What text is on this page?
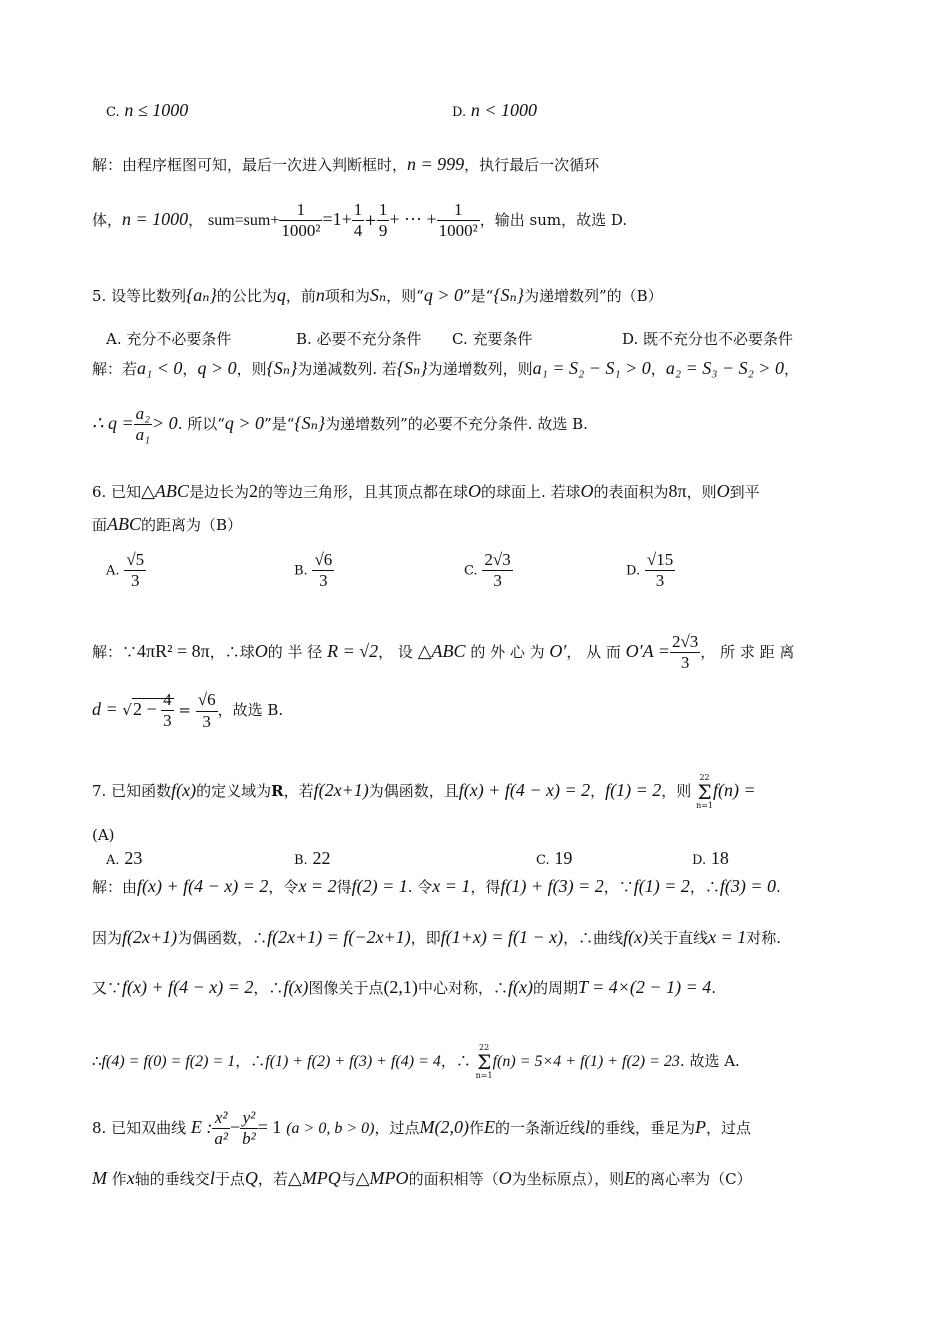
C. n ≤ 1000	D. n < 1000
解：由程序框图可知，最后一次进入判断框时，n = 999，执行最后一次循环
体，n = 1000， $sum=sum+ \frac{1}{\text{1000²}} =1+ \frac{1}{4} + \frac{1}{9}$ + ··· + $\frac{1}{\text{1000²}}$ ，输出 sum，故选 D.
5. 设等比数列{aₙ}的公比为q，前n项和为Sₙ，则“q > 0”是“{Sₙ}为递增数列”的（B）
A. 充分不必要条件	B. 必要不充分条件 C. 充要条件	D. 既不充分也不必要条件
解：若a₁ < 0，q > 0，则{Sₙ}为递减数列. 若{Sₙ}为递增数列，则a₁ = S₂ − S₁ > 0，a₂ = S₃ − S₂ > 0，
∴ $q = \frac{\text{a₂}}{\text{a₁}} > 0$. 所以“q > 0”是“{Sₙ}为递增数列”的必要不充分条件. 故选 B.
6. 已知△ABC是边长为2的等边三角形，且其顶点都在球O的球面上. 若球O的表面积为8π，则O到平
面ABC的距离为（B）
A. $\frac{√5}{3}$	B. $\frac{√6}{3}$	C. $\frac{2√3}{3}$	D. $\frac{√15}{3}$
解：∵4πR² = 8π，∴球O的 半 径 R = √2， 设 △ABC 的 外 心 为 O′， 从 而 $O'A = \frac{2√3}{3}$ ， 所 求 距 离
$d = √2 - \frac{4}{3} = \frac{√6}{3}$ ，故选 B.
7. 已知函数f(x)的定义域为R，若f(2x+1)为偶函数，且f(x) + f(4 − x) = 2，f(1) = 2，则
22
Σ
n=1
f(n) =
(A)
A. 23	B. 22	C. 19	D. 18
解：由f(x) + f(4 − x) = 2，令x = 2得f(2) = 1. 令x = 1，得f(1) + f(3) = 2，∵f(1) = 2，∴f(3) = 0.
因为f(2x+1)为偶函数，∴f(2x+1) = f(−2x+1)，即f(1+x) = f(1 − x)，∴曲线f(x)关于直线x = 1对称.
又∵f(x) + f(4 − x) = 2，∴f(x)图像关于点(2,1)中心对称，∴f(x)的周期T = 4×(2 − 1) = 4.
∴f(4) = f(0) = f(2) = 1，∴f(1) + f(2) + f(3) + f(4) = 4，∴
22
Σ
n=1
f(n) = 5×4 + f(1) + f(2) = 23. 故选 A.
8. 已知双曲线 E : $\frac{\text{x²}}{\text{a²}} - \frac{\text{y²}}{\text{b²}} = 1$ (a > 0, b > 0)，过点M(2,0)作E的一条渐近线l的垂线，垂足为P，过点
M 作x轴的垂线交l于点Q，若△MPQ与△MPO的面积相等（O为坐标原点），则E的离心率为（C）
